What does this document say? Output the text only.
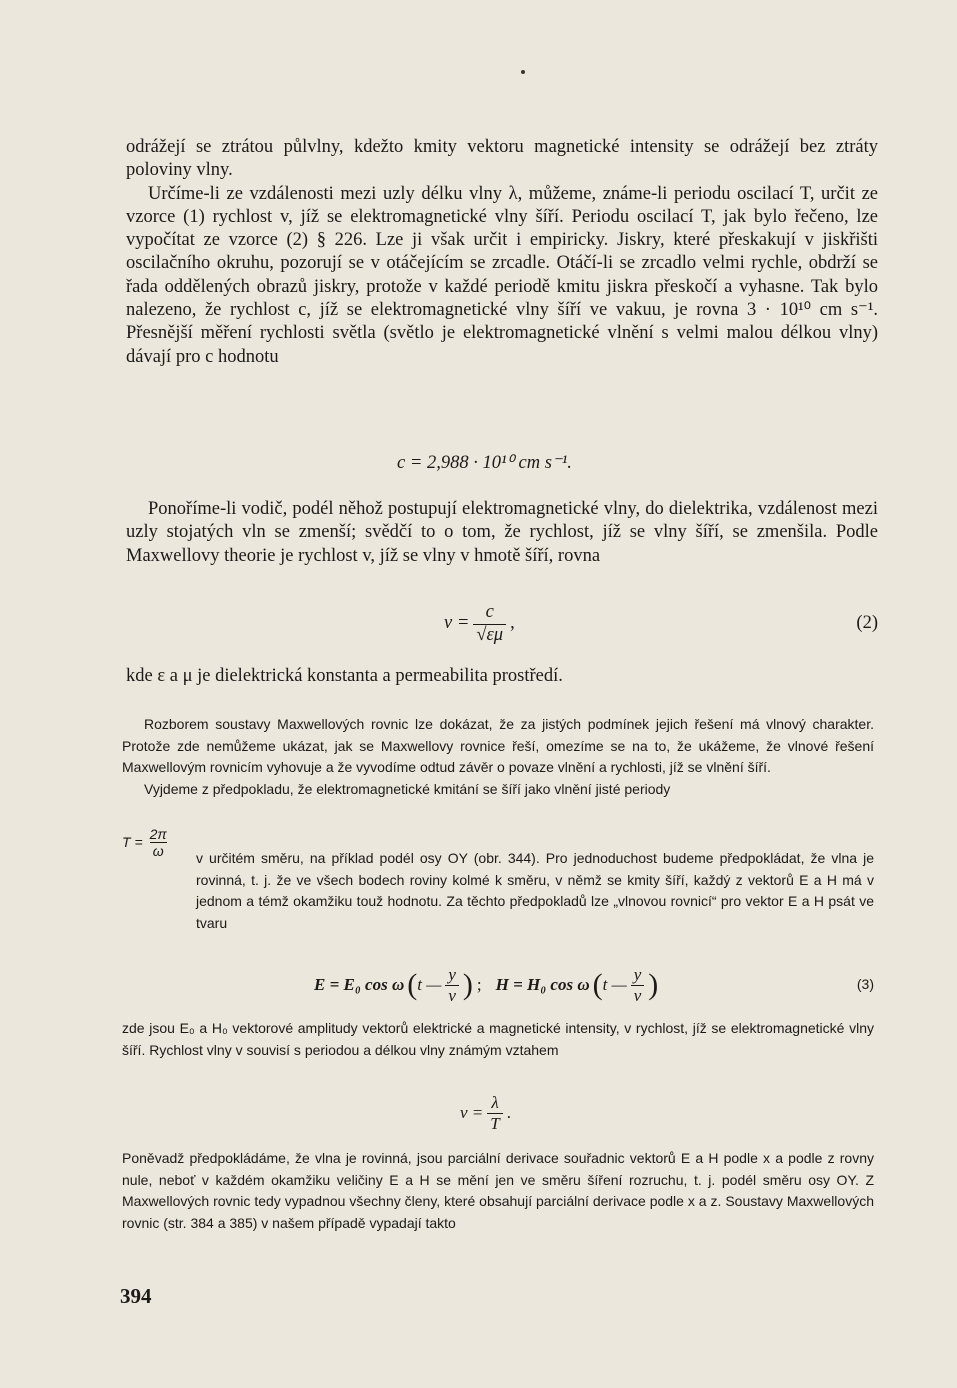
odrážejí se ztrátou půlvlny, kdežto kmity vektoru magnetické intensity se odrážejí bez ztráty poloviny vlny.

Určíme-li ze vzdálenosti mezi uzly délku vlny λ, můžeme, známe-li periodu oscilací T, určit ze vzorce (1) rychlost v, jíž se elektromagnetické vlny šíří. Periodu oscilací T, jak bylo řečeno, lze vypočítat ze vzorce (2) § 226. Lze ji však určit i empiricky. Jiskry, které přeskakují v jiskřišti oscilačního okruhu, pozorují se v otáčejícím se zrcadle. Otáčí-li se zrcadlo velmi rychle, obdrží se řada oddělených obrazů jiskry, protože v každé periodě kmitu jiskra přeskočí a vyhasne. Tak bylo nalezeno, že rychlost c, jíž se elektromagnetické vlny šíří ve vakuu, je rovna 3 · 10¹⁰ cm s⁻¹. Přesnější měření rychlosti světla (světlo je elektromagnetické vlnění s velmi malou délkou vlny) dávají pro c hodnotu

c = 2,988 · 10¹⁰ cm s⁻¹.

Ponoříme-li vodič, podél něhož postupují elektromagnetické vlny, do dielektrika, vzdálenost mezi uzly stojatých vln se zmenší; svědčí to o tom, že rychlost, jíž se vlny šíří, se zmenšila. Podle Maxwellovy theorie je rychlost v, jíž se vlny v hmotě šíří, rovna

$v = \frac{c}{√\varepsilon\mu}$ ,	(2)

kde ε a μ je dielektrická konstanta a permeabilita prostředí.

Rozborem soustavy Maxwellových rovnic lze dokázat, že za jistých podmínek jejich řešení má vlnový charakter. Protože zde nemůžeme ukázat, jak se Maxwellovy rovnice řeší, omezíme se na to, že ukážeme, že vlnové řešení Maxwellovým rovnicím vyhovuje a že vyvodíme odtud závěr o povaze vlnění a rychlosti, jíž se vlnění šíří.

Vyjdeme z předpokladu, že elektromagnetické kmitání se šíří jako vlnění jisté periody

$T = \frac{2\pi}{\omega}$ v určitém směru, na příklad podél osy OY (obr. 344). Pro jednoduchost budeme předpokládat, že vlna je rovinná, t. j. že ve všech bodech roviny kolmé k směru, v němž se kmity šíří, každý z vektorů E a H má v jednom a témž okamžiku touž hodnotu. Za těchto předpokladů lze „vlnovou rovnicí“ pro vektor E a H psát ve tvaru

E = E₀ cos ω ( t — $\frac{y}{v}$ ) ; H = H₀ cos ω ( t — $\frac{y}{v}$ )	(3)

zde jsou E₀ a H₀ vektorové amplitudy vektorů elektrické a magnetické intensity, v rychlost, jíž se elektromagnetické vlny šíří. Rychlost vlny v souvisí s periodou a délkou vlny známým vztahem

$v = \frac{\lambda}{T}$ .

Poněvadž předpokládáme, že vlna je rovinná, jsou parciální derivace souřadnic vektorů E a H podle x a podle z rovny nule, neboť v každém okamžiku veličiny E a H se mění jen ve směru šíření rozruchu, t. j. podél směru osy OY. Z Maxwellových rovnic tedy vypadnou všechny členy, které obsahují parciální derivace podle x a z. Soustavy Maxwellových rovnic (str. 384 a 385) v našem případě vypadají takto

394
